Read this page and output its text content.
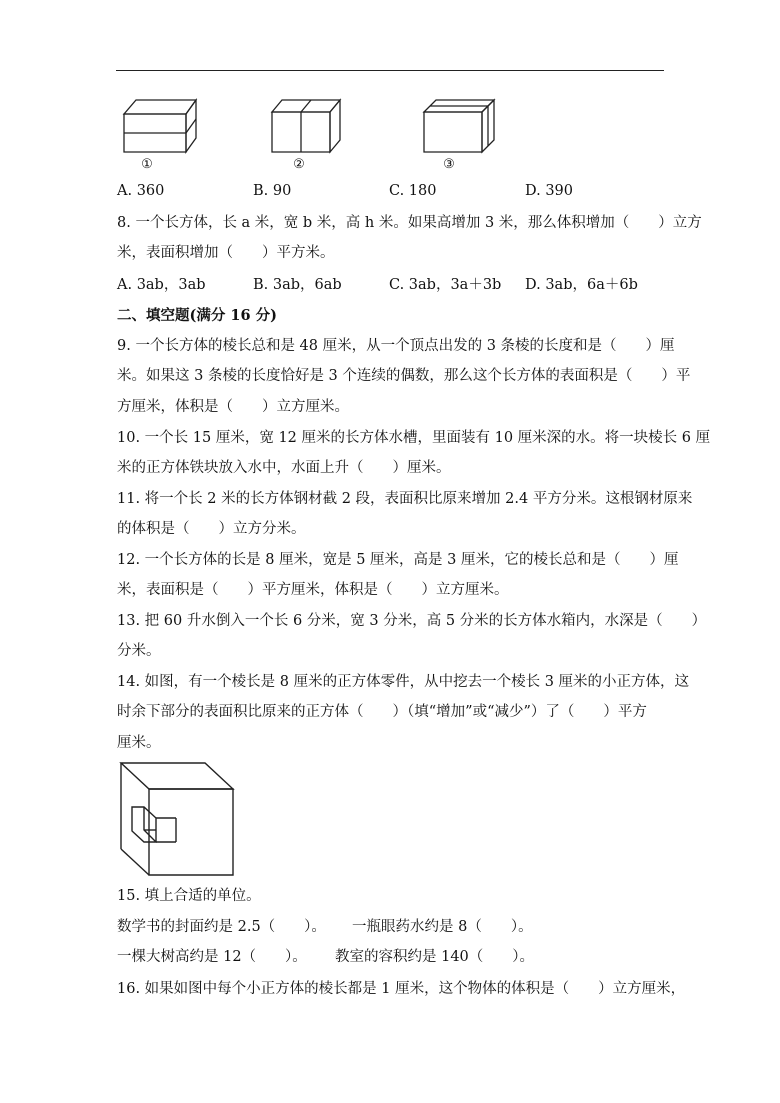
①	②	③
A. 360	B. 90	C. 180	D. 390
8. 一个长方体，长 a 米，宽 b 米，高 h 米。如果高增加 3 米，那么体积增加（　　）立方
米，表面积增加（　　）平方米。
A. 3ab，3ab	B. 3ab，6ab	C. 3ab，3a＋3b D. 3ab，6a＋6b
二、填空题(满分 16 分)
9. 一个长方体的棱长总和是 48 厘米，从一个顶点出发的 3 条棱的长度和是（　　）厘
米。如果这 3 条棱的长度恰好是 3 个连续的偶数，那么这个长方体的表面积是（　　）平
方厘米，体积是（　　）立方厘米。
10. 一个长 15 厘米，宽 12 厘米的长方体水槽，里面装有 10 厘米深的水。将一块棱长 6 厘
米的正方体铁块放入水中，水面上升（　　）厘米。
11. 将一个长 2 米的长方体钢材截 2 段，表面积比原来增加 2.4 平方分米。这根钢材原来
的体积是（　　）立方分米。
12. 一个长方体的长是 8 厘米，宽是 5 厘米，高是 3 厘米，它的棱长总和是（　　）厘
米，表面积是（　　）平方厘米，体积是（　　）立方厘米。
13. 把 60 升水倒入一个长 6 分米，宽 3 分米，高 5 分米的长方体水箱内，水深是（　　）
分米。
14. 如图，有一个棱长是 8 厘米的正方体零件，从中挖去一个棱长 3 厘米的小正方体，这
时余下部分的表面积比原来的正方体（　　）（填“增加”或“减少”）了（　　）平方
厘米。
15. 填上合适的单位。
数学书的封面约是 2.5（　　）。 一瓶眼药水约是 8（　　）。
一棵大树高约是 12（　　）。 教室的容积约是 140（　　）。
16. 如果如图中每个小正方体的棱长都是 1 厘米，这个物体的体积是（　　）立方厘米，
